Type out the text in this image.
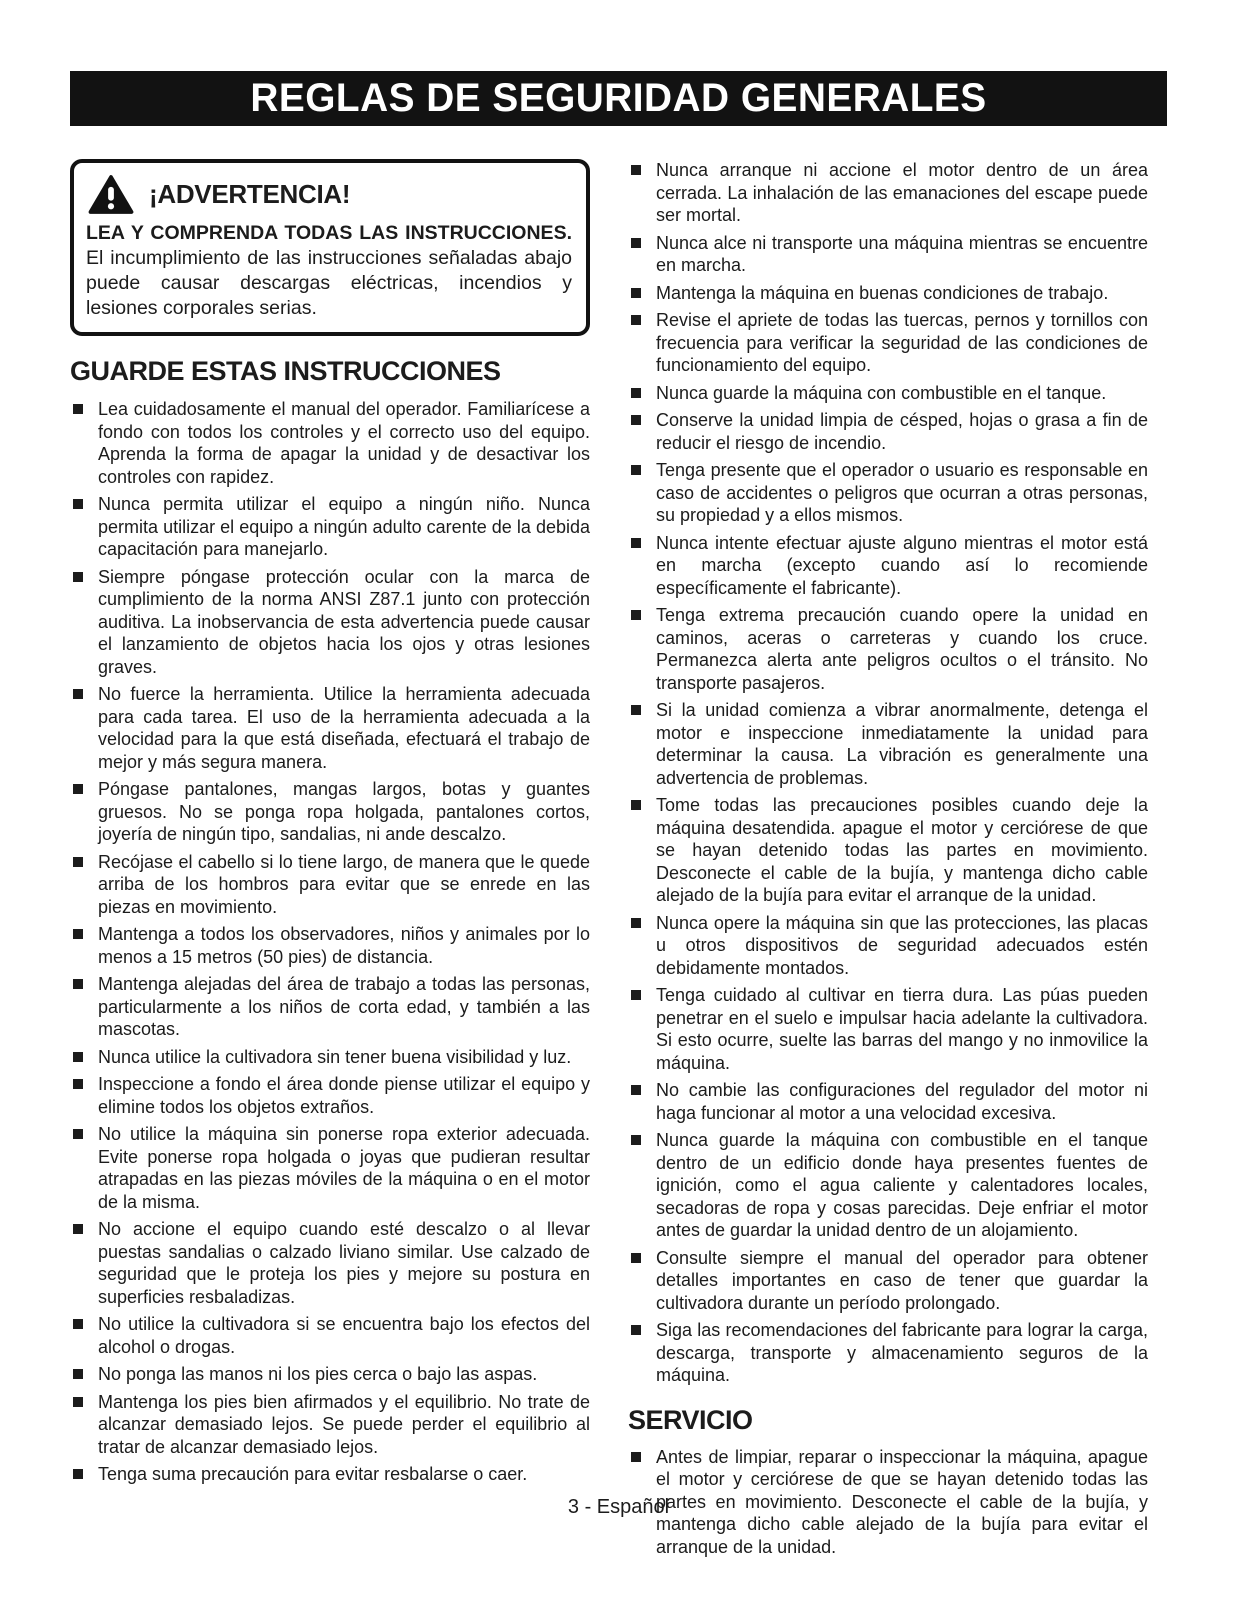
REGLAS DE SEGURIDAD GENERALES
¡ADVERTENCIA!

LEA Y COMPRENDA TODAS LAS INSTRUCCIONES. El incumplimiento de las instrucciones señaladas abajo puede causar descargas eléctricas, incendios y lesiones corporales serias.

GUARDE ESTAS INSTRUCCIONES
Lea cuidadosamente el manual del operador. Familiarícese a fondo con todos los controles y el correcto uso del equipo. Aprenda la forma de apagar la unidad y de desactivar los controles con rapidez.
Nunca permita utilizar el equipo a ningún niño. Nunca permita utilizar el equipo a ningún adulto carente de la debida capacitación para manejarlo.
Siempre póngase protección ocular con la marca de cumplimiento de la norma ANSI Z87.1 junto con protección auditiva. La inobservancia de esta advertencia puede causar el lanzamiento de objetos hacia los ojos y otras lesiones graves.
No fuerce la herramienta. Utilice la herramienta adecuada para cada tarea. El uso de la herramienta adecuada a la velocidad para la que está diseñada, efectuará el trabajo de mejor y más segura manera.
Póngase pantalones, mangas largos, botas y guantes gruesos. No se ponga ropa holgada, pantalones cortos, joyería de ningún tipo, sandalias, ni ande descalzo.
Recójase el cabello si lo tiene largo, de manera que le quede arriba de los hombros para evitar que se enrede en las piezas en movimiento.
Mantenga a todos los observadores, niños y animales por lo menos a 15 metros (50 pies) de distancia.
Mantenga alejadas del área de trabajo a todas las personas, particularmente a los niños de corta edad, y también a las mascotas.
Nunca utilice la cultivadora sin tener buena visibilidad y luz.
Inspeccione a fondo el área donde piense utilizar el equipo y elimine todos los objetos extraños.
No utilice la máquina sin ponerse ropa exterior adecuada. Evite ponerse ropa holgada o joyas que pudieran resultar atrapadas en las piezas móviles de la máquina o en el motor de la misma.
No accione el equipo cuando esté descalzo o al llevar puestas sandalias o calzado liviano similar. Use calzado de seguridad que le proteja los pies y mejore su postura en superficies resbaladizas.
No utilice la cultivadora si se encuentra bajo los efectos del alcohol o drogas.
No ponga las manos ni los pies cerca o bajo las aspas.
Mantenga los pies bien afirmados y el equilibrio. No trate de alcanzar demasiado lejos. Se puede perder el equilibrio al tratar de alcanzar demasiado lejos.
Tenga suma precaución para evitar resbalarse o caer.
Nunca arranque ni accione el motor dentro de un área cerrada. La inhalación de las emanaciones del escape puede ser mortal.
Nunca alce ni transporte una máquina mientras se encuentre en marcha.
Mantenga la máquina en buenas condiciones de trabajo.
Revise el apriete de todas las tuercas, pernos y tornillos con frecuencia para verificar la seguridad de las condiciones de funcionamiento del equipo.
Nunca guarde la máquina con combustible en el tanque.
Conserve la unidad limpia de césped, hojas o grasa a fin de reducir el riesgo de incendio.
Tenga presente que el operador o usuario es responsable en caso de accidentes o peligros que ocurran a otras personas, su propiedad y a ellos mismos.
Nunca intente efectuar ajuste alguno mientras el motor está en marcha (excepto cuando así lo recomiende específicamente el fabricante).
Tenga extrema precaución cuando opere la unidad en caminos, aceras o carreteras y cuando los cruce. Permanezca alerta ante peligros ocultos o el tránsito. No transporte pasajeros.
Si la unidad comienza a vibrar anormalmente, detenga el motor e inspeccione inmediatamente la unidad para determinar la causa. La vibración es generalmente una advertencia de problemas.
Tome todas las precauciones posibles cuando deje la máquina desatendida. apague el motor y cerciórese de que se hayan detenido todas las partes en movimiento. Desconecte el cable de la bujía, y mantenga dicho cable alejado de la bujía para evitar el arranque de la unidad.
Nunca opere la máquina sin que las protecciones, las placas u otros dispositivos de seguridad adecuados estén debidamente montados.
Tenga cuidado al cultivar en tierra dura. Las púas pueden penetrar en el suelo e impulsar hacia adelante la cultivadora. Si esto ocurre, suelte las barras del mango y no inmovilice la máquina.
No cambie las configuraciones del regulador del motor ni haga funcionar al motor a una velocidad excesiva.
Nunca guarde la máquina con combustible en el tanque dentro de un edificio donde haya presentes fuentes de ignición, como el agua caliente y calentadores locales, secadoras de ropa y cosas parecidas. Deje enfriar el motor antes de guardar la unidad dentro de un alojamiento.
Consulte siempre el manual del operador para obtener detalles importantes en caso de tener que guardar la cultivadora durante un período prolongado.
Siga las recomendaciones del fabricante para lograr la carga, descarga, transporte y almacenamiento seguros de la máquina.
SERVICIO
Antes de limpiar, reparar o inspeccionar la máquina, apague el motor y cerciórese de que se hayan detenido todas las partes en movimiento. Desconecte el cable de la bujía, y mantenga dicho cable alejado de la bujía para evitar el arranque de la unidad.
3 - Español
